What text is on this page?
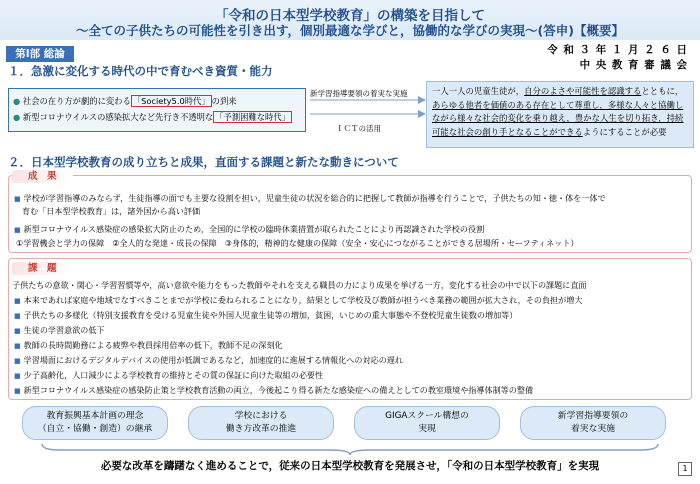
「令和の日本型学校教育」の構築を目指して
～全ての子供たちの可能性を引き出す，個別最適な学びと，協働的な学びの実現～(答申)【概要】
第Ⅰ部 総論	令 和 ３ 年 １ 月 ２ ６ 日
中 央 教 育 審 議 会
１．急激に変化する時代の中で育むべき資質・能力
● 社会の在り方が劇的に変わる 「Society5.0時代」 の到来
● 新型コロナウイルスの感染拡大など先行き不透明な 「予測困難な時代」
新学習指導要領の着実な実施
ＩＣＴの活用
一人一人の児童生徒が，自分のよさや可能性を認識するとともに，あらゆる他者を価値のある存在として尊重し，多様な人々と協働しながら様々な社会的変化を乗り越え，豊かな人生を切り拓き，持続可能な社会の創り手となることができるようにすることが必要
２．日本型学校教育の成り立ちと成果，直面する課題と新たな動きについて
成　果
■ 学校が学習指導のみならず，生徒指導の面でも主要な役割を担い，児童生徒の状況を総合的に把握して教師が指導を行うことで，子供たちの知・徳・体を一体で
育む「日本型学校教育」は，諸外国から高い評価
■ 新型コロナウイルス感染症の感染拡大防止のため，全国的に学校の臨時休業措置が取られたことにより再認識された学校の役割
①学習機会と学力の保障　②全人的な発達・成長の保障　③身体的，精神的な健康の保障（安全・安心につながることができる居場所・セーフティネット）
課　題
子供たちの意欲・関心・学習習慣等や，高い意欲や能力をもった教師やそれを支える職員の力により成果を挙げる一方，変化する社会の中で以下の課題に直面
■ 本来であれば家庭や地域でなすべきことまでが学校に委ねられることになり，結果として学校及び教師が担うべき業務の範囲が拡大され，その負担が増大
■ 子供たちの多様化（特別支援教育を受ける児童生徒や外国人児童生徒等の増加，貧困，いじめの重大事態や不登校児童生徒数の増加等）
■ 生徒の学習意欲の低下
■ 教師の長時間勤務による疲弊や教員採用倍率の低下，教師不足の深刻化
■ 学習場面におけるデジタルデバイスの使用が低調であるなど，加速度的に進展する情報化への対応の遅れ
■ 少子高齢化，人口減少による学校教育の維持とその質の保証に向けた取組の必要性
■ 新型コロナウイルス感染症の感染防止策と学校教育活動の両立，今後起こり得る新たな感染症への備えとしての教室環境や指導体制等の整備
教育振興基本計画の理念
（自立・協働・創造）の継承
学校における
働き方改革の推進
GIGAスクール構想の
実現
新学習指導要領の
着実な実施
必要な改革を躊躇なく進めることで，従来の日本型学校教育を発展させ，「令和の日本型学校教育」を実現	1
